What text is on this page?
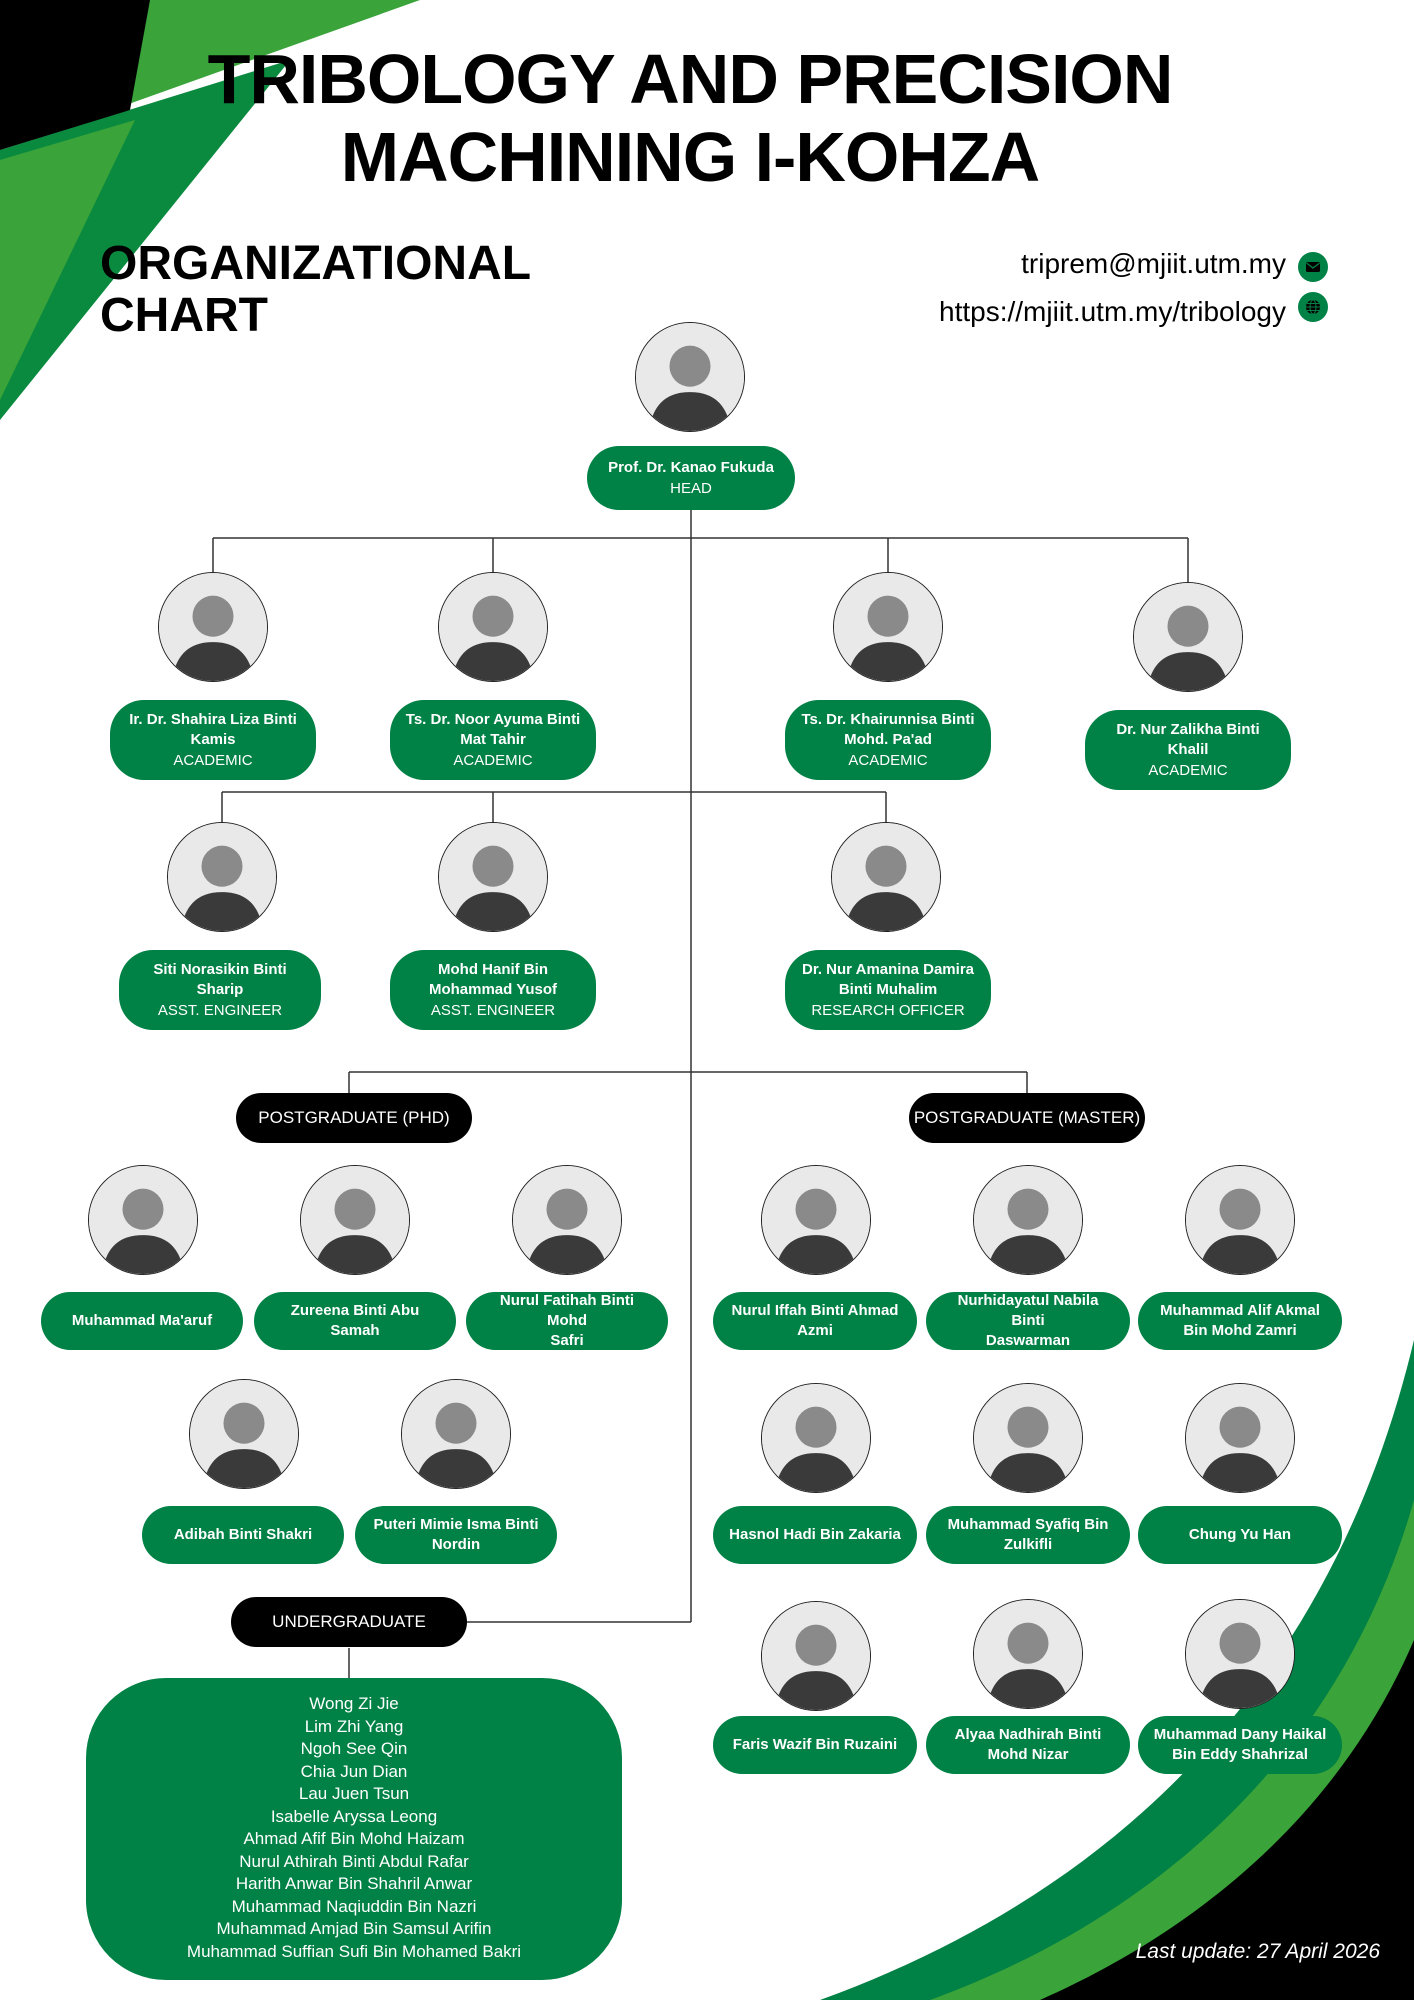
TRIBOLOGY AND PRECISION
MACHINING I-KOHZA
ORGANIZATIONAL
CHART
triprem@mjiit.utm.my
https://mjiit.utm.my/tribology
Prof. Dr. Kanao Fukuda
HEAD
Ir. Dr. Shahira Liza Binti
Kamis
ACADEMIC
Ts. Dr. Noor Ayuma Binti
Mat Tahir
ACADEMIC
Ts. Dr. Khairunnisa Binti
Mohd. Pa'ad
ACADEMIC
Dr. Nur Zalikha Binti
Khalil
ACADEMIC
Siti Norasikin Binti
Sharip
ASST. ENGINEER
Mohd Hanif Bin
Mohammad Yusof
ASST. ENGINEER
Dr. Nur Amanina Damira
Binti Muhalim
RESEARCH OFFICER
POSTGRADUATE (PHD)	POSTGRADUATE (MASTER)
UNDERGRADUATE
Muhammad Ma'aruf
Zureena Binti Abu
Samah
Nurul Fatihah Binti Mohd
Safri
Adibah Binti Shakri
Puteri Mimie Isma Binti
Nordin
Nurul Iffah Binti Ahmad
Azmi
Nurhidayatul Nabila Binti
Daswarman
Muhammad Alif Akmal
Bin Mohd Zamri
Hasnol Hadi Bin Zakaria
Muhammad Syafiq Bin
Zulkifli
Chung Yu Han
Faris Wazif Bin Ruzaini
Alyaa Nadhirah Binti
Mohd Nizar
Muhammad Dany Haikal
Bin Eddy Shahrizal
Wong Zi Jie
Lim Zhi Yang
Ngoh See Qin
Chia Jun Dian
Lau Juen Tsun
Isabelle Aryssa Leong
Ahmad Afif Bin Mohd Haizam
Nurul Athirah Binti Abdul Rafar
Harith Anwar Bin Shahril Anwar
Muhammad Naqiuddin Bin Nazri
Muhammad Amjad Bin Samsul Arifin
Muhammad Suffian Sufi Bin Mohamed Bakri	Last update: 27 April 2026
